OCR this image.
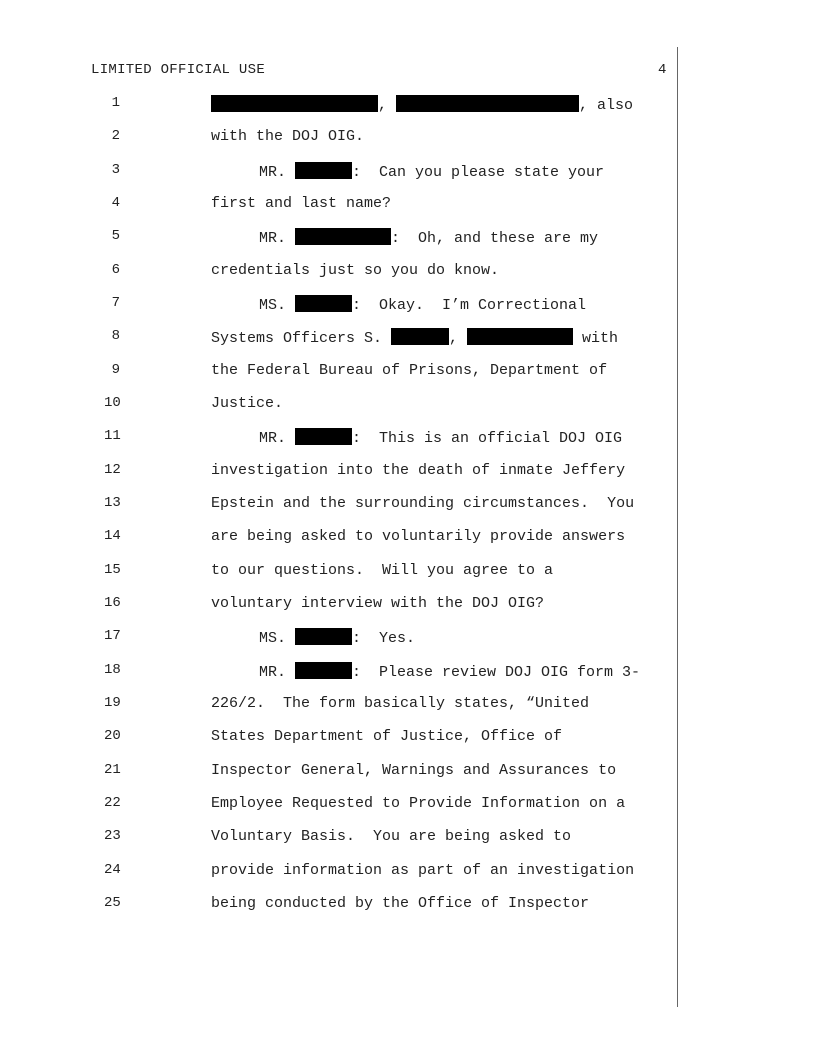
LIMITED OFFICIAL USE	4
1	,	, also
2	with the DOJ OIG.
3	MR.	:  Can you please state your
4	first and last name?
5	MR.	:  Oh, and these are my
6	credentials just so you do know.
7	MS.	:  Okay.  I’m Correctional
8	Systems Officers S.	,	with
9	the Federal Bureau of Prisons, Department of
10	Justice.
11	MR.	:  This is an official DOJ OIG
12	investigation into the death of inmate Jeffery
13	Epstein and the surrounding circumstances.  You
14	are being asked to voluntarily provide answers
15	to our questions.  Will you agree to a
16	voluntary interview with the DOJ OIG?
17	MS.	:  Yes.
18	MR.	:  Please review DOJ OIG form 3-
19	226/2.  The form basically states, “United
20	States Department of Justice, Office of
21	Inspector General, Warnings and Assurances to
22	Employee Requested to Provide Information on a
23	Voluntary Basis.  You are being asked to
24	provide information as part of an investigation
25	being conducted by the Office of Inspector
